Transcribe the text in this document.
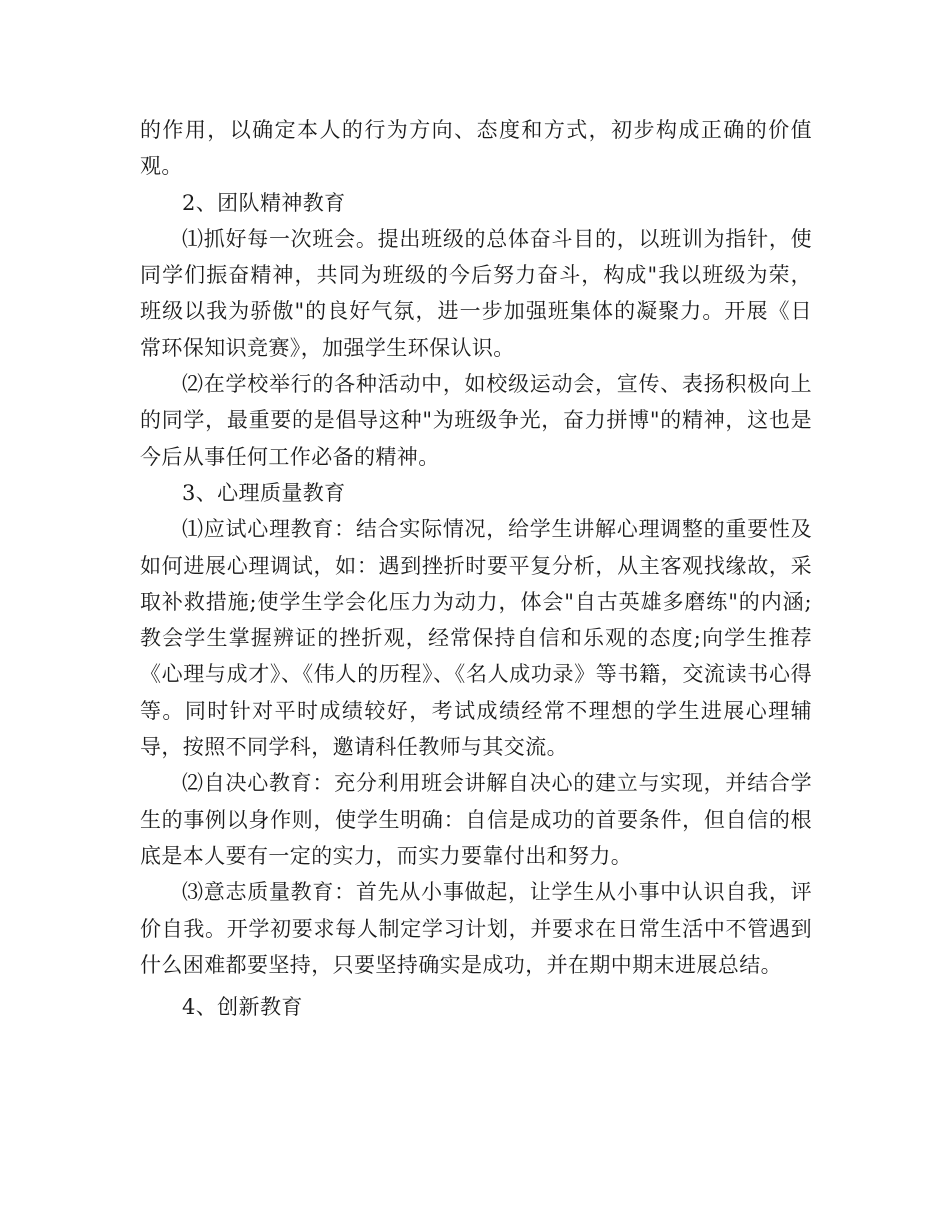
的作用，以确定本人的行为方向、态度和方式，初步构成正确的价值观。

2、团队精神教育

⑴抓好每一次班会。提出班级的总体奋斗目的，以班训为指针，使同学们振奋精神，共同为班级的今后努力奋斗，构成"我以班级为荣，班级以我为骄傲"的良好气氛，进一步加强班集体的凝聚力。开展《日常环保知识竞赛》，加强学生环保认识。

⑵在学校举行的各种活动中，如校级运动会，宣传、表扬积极向上的同学，最重要的是倡导这种"为班级争光，奋力拼博"的精神，这也是今后从事任何工作必备的精神。

3、心理质量教育

⑴应试心理教育：结合实际情况，给学生讲解心理调整的重要性及如何进展心理调试，如：遇到挫折时要平复分析，从主客观找缘故，采取补救措施;使学生学会化压力为动力，体会"自古英雄多磨练"的内涵;教会学生掌握辨证的挫折观，经常保持自信和乐观的态度;向学生推荐《心理与成才》、《伟人的历程》、《名人成功录》等书籍，交流读书心得等。同时针对平时成绩较好，考试成绩经常不理想的学生进展心理辅导，按照不同学科，邀请科任教师与其交流。

⑵自决心教育：充分利用班会讲解自决心的建立与实现，并结合学生的事例以身作则，使学生明确：自信是成功的首要条件，但自信的根底是本人要有一定的实力，而实力要靠付出和努力。

⑶意志质量教育：首先从小事做起，让学生从小事中认识自我，评价自我。开学初要求每人制定学习计划，并要求在日常生活中不管遇到什么困难都要坚持，只要坚持确实是成功，并在期中期末进展总结。

4、创新教育
